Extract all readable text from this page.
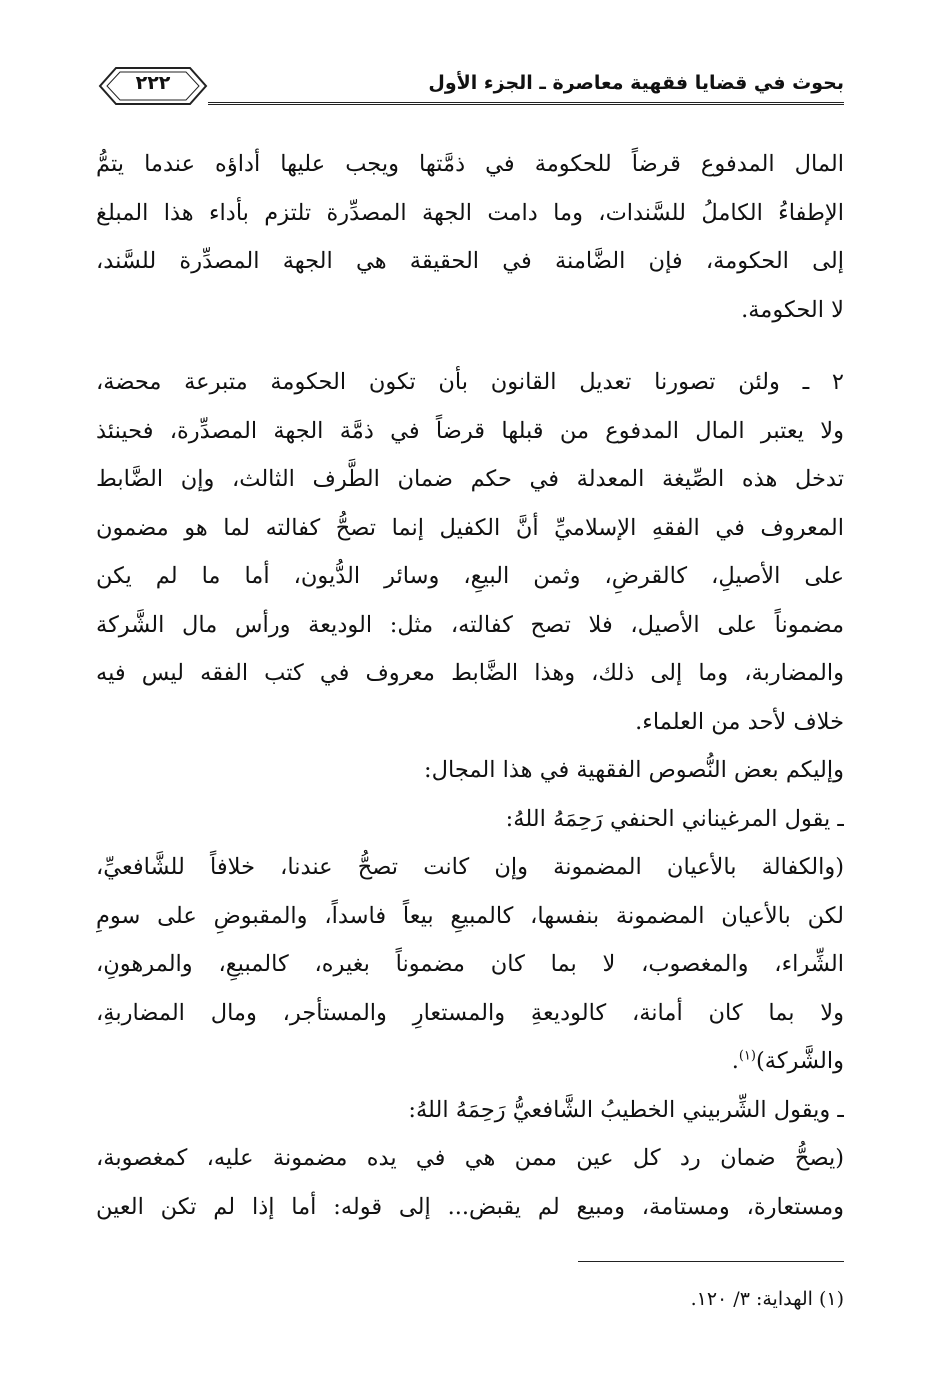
٢٢٢	بحوث في قضايا فقهية معاصرة ـ الجزء الأول
المال المدفوع قرضاً للحكومة في ذمَّتها ويجب عليها أداؤه عندما يتمُّ
الإطفاءُ الكاملُ للسَّندات، وما دامت الجهة المصدِّرة تلتزم بأداء هذا المبلغ
إلى الحكومة، فإن الضَّامنة في الحقيقة هي الجهة المصدِّرة للسَّند،
لا الحكومة.
٢ ـ ولئن تصورنا تعديل القانون بأن تكون الحكومة متبرعة محضة،
ولا يعتبر المال المدفوع من قبلها قرضاً في ذمَّة الجهة المصدِّرة، فحينئذ
تدخل هذه الصِّيغة المعدلة في حكم ضمان الطَّرف الثالث، وإن الضَّابط
المعروف في الفقهِ الإسلاميِّ أنَّ الكفيل إنما تصحُّ كفالته لما هو مضمون
على الأصيلِ، كالقرضِ، وثمن البيعِ، وسائر الدُّيون، أما ما لم يكن
مضموناً على الأصيل، فلا تصح كفالته، مثل: الوديعة ورأس مال الشَّركة
والمضاربة، وما إلى ذلك، وهذا الضَّابط معروف في كتب الفقه ليس فيه
خلاف لأحد من العلماء.
وإليكم بعض النُّصوص الفقهية في هذا المجال:
ـ يقول المرغيناني الحنفي رَحِمَهُ اللهُ:
(والكفالة بالأعيان المضمونة وإن كانت تصحُّ عندنا، خلافاً للشَّافعيِّ،
لكن بالأعيان المضمونة بنفسها، كالمبيعِ بيعاً فاسداً، والمقبوضِ على سومِ
الشِّراء، والمغصوب، لا بما كان مضموناً بغيره، كالمبيعِ، والمرهونِ،
ولا بما كان أمانة، كالوديعةِ والمستعارِ والمستأجر، ومال المضاربةِ،
والشَّركة)$^{(١)}$.
ـ ويقول الشِّربيني الخطيبُ الشَّافعيُّ رَحِمَهُ اللهُ:
(يصحُّ ضمان رد كل عين ممن هي في يده مضمونة عليه، كمغصوبة،
ومستعارة، ومستامة، ومبيع لم يقبض... إلى قوله: أما إذا لم تكن العين
(١) الهداية: ٣/ ١٢٠.
